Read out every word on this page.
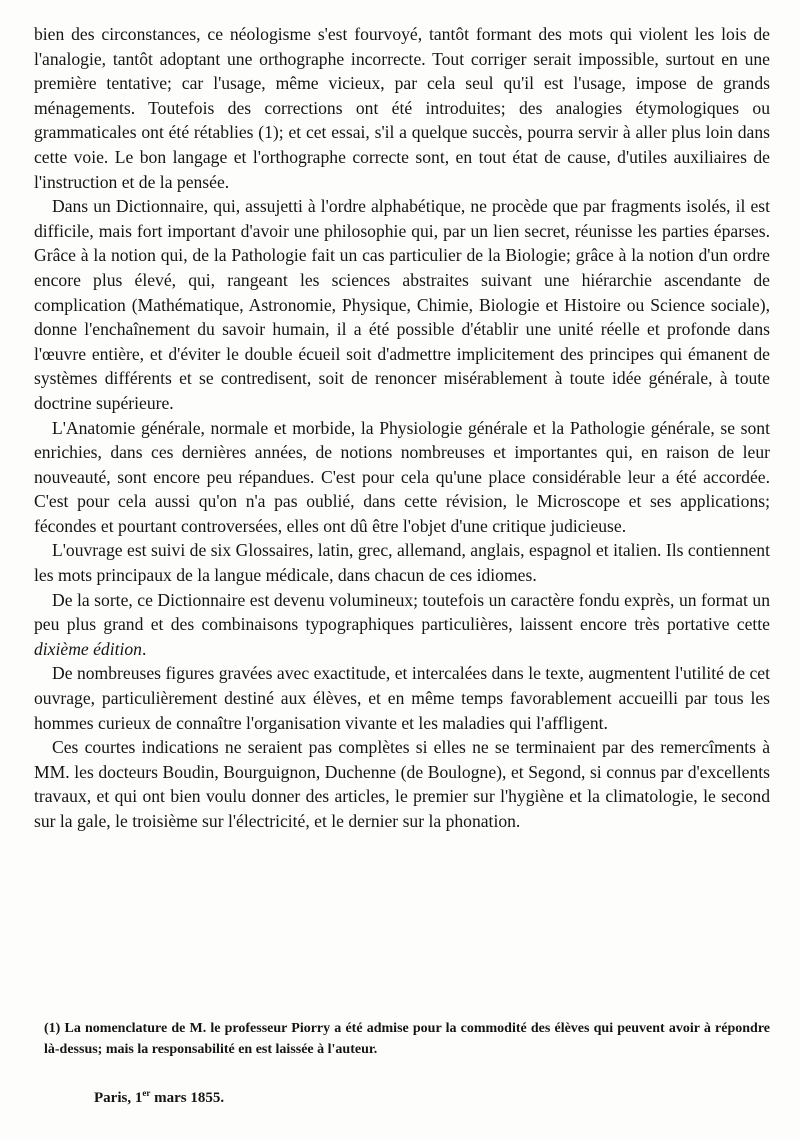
bien des circonstances, ce néologisme s'est fourvoyé, tantôt formant des mots qui violent les lois de l'analogie, tantôt adoptant une orthographe incorrecte. Tout corriger serait impossible, surtout en une première tentative; car l'usage, même vicieux, par cela seul qu'il est l'usage, impose de grands ménagements. Toutefois des corrections ont été introduites; des analogies étymologiques ou grammaticales ont été rétablies (1); et cet essai, s'il a quelque succès, pourra servir à aller plus loin dans cette voie. Le bon langage et l'orthographe correcte sont, en tout état de cause, d'utiles auxiliaires de l'instruction et de la pensée.

Dans un Dictionnaire, qui, assujetti à l'ordre alphabétique, ne procède que par fragments isolés, il est difficile, mais fort important d'avoir une philosophie qui, par un lien secret, réunisse les parties éparses. Grâce à la notion qui, de la Pathologie fait un cas particulier de la Biologie; grâce à la notion d'un ordre encore plus élevé, qui, rangeant les sciences abstraites suivant une hiérarchie ascendante de complication (Mathématique, Astronomie, Physique, Chimie, Biologie et Histoire ou Science sociale), donne l'enchaînement du savoir humain, il a été possible d'établir une unité réelle et profonde dans l'œuvre entière, et d'éviter le double écueil soit d'admettre implicitement des principes qui émanent de systèmes différents et se contredisent, soit de renoncer misérablement à toute idée générale, à toute doctrine supérieure.

L'Anatomie générale, normale et morbide, la Physiologie générale et la Pathologie générale, se sont enrichies, dans ces dernières années, de notions nombreuses et importantes qui, en raison de leur nouveauté, sont encore peu répandues. C'est pour cela qu'une place considérable leur a été accordée. C'est pour cela aussi qu'on n'a pas oublié, dans cette révision, le Microscope et ses applications; fécondes et pourtant controversées, elles ont dû être l'objet d'une critique judicieuse.

L'ouvrage est suivi de six Glossaires, latin, grec, allemand, anglais, espagnol et italien. Ils contiennent les mots principaux de la langue médicale, dans chacun de ces idiomes.

De la sorte, ce Dictionnaire est devenu volumineux; toutefois un caractère fondu exprès, un format un peu plus grand et des combinaisons typographiques particulières, laissent encore très portative cette dixième édition.

De nombreuses figures gravées avec exactitude, et intercalées dans le texte, augmentent l'utilité de cet ouvrage, particulièrement destiné aux élèves, et en même temps favorablement accueilli par tous les hommes curieux de connaître l'organisation vivante et les maladies qui l'affligent.

Ces courtes indications ne seraient pas complètes si elles ne se terminaient par des remercîments à MM. les docteurs Boudin, Bourguignon, Duchenne (de Boulogne), et Segond, si connus par d'excellents travaux, et qui ont bien voulu donner des articles, le premier sur l'hygiène et la climatologie, le second sur la gale, le troisième sur l'électricité, et le dernier sur la phonation.

(1) La nomenclature de M. le professeur Piorry a été admise pour la commodité des élèves qui peuvent avoir à répondre là-dessus; mais la responsabilité en est laissée à l'auteur.
Paris, 1er mars 1855.
